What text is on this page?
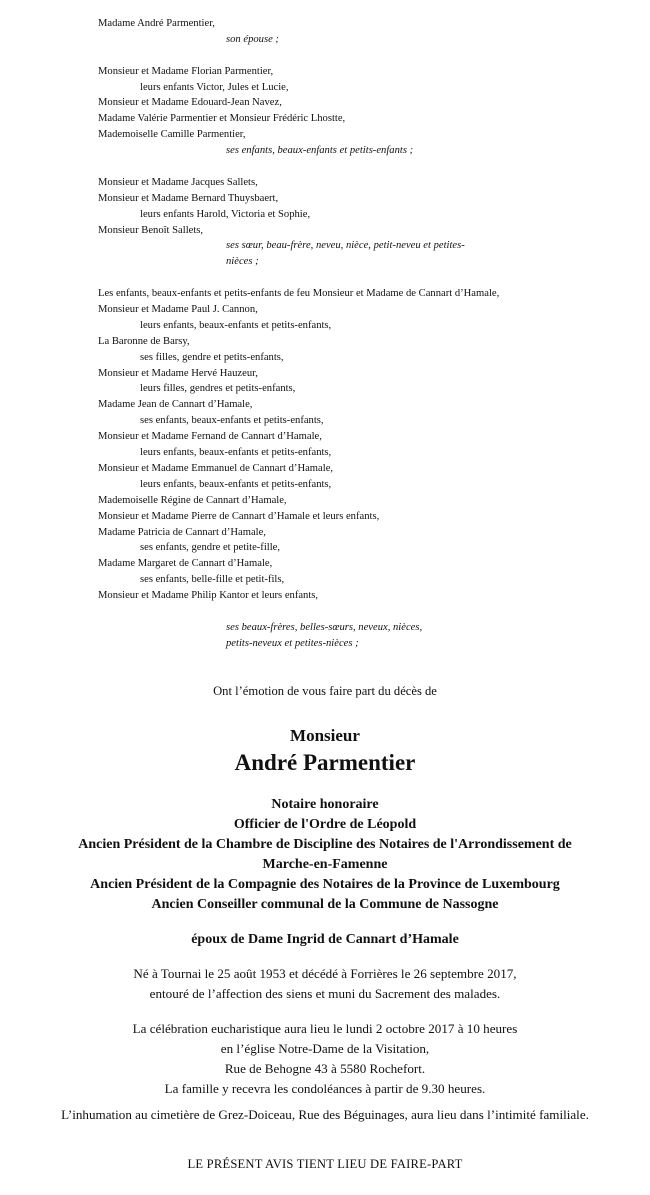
Madame André Parmentier,
son épouse ;
Monsieur et Madame Florian Parmentier,
leurs enfants Victor, Jules et Lucie,
Monsieur et Madame Edouard-Jean Navez,
Madame Valérie Parmentier et Monsieur Frédéric Lhostte,
Mademoiselle Camille Parmentier,
ses enfants, beaux-enfants et petits-enfants ;
Monsieur et Madame Jacques Sallets,
Monsieur et Madame Bernard Thuysbaert,
leurs enfants Harold, Victoria et Sophie,
Monsieur Benoît Sallets,
ses sœur, beau-frère, neveu, nièce, petit-neveu et petites-
nièces ;
Les enfants, beaux-enfants et petits-enfants de feu Monsieur et Madame de Cannart d’Hamale,
Monsieur et Madame Paul J. Cannon,
leurs enfants, beaux-enfants et petits-enfants,
La Baronne de Barsy,
ses filles, gendre et petits-enfants,
Monsieur et Madame Hervé Hauzeur,
leurs filles, gendres et petits-enfants,
Madame Jean de Cannart d’Hamale,
ses enfants, beaux-enfants et petits-enfants,
Monsieur et Madame Fernand de Cannart d’Hamale,
leurs enfants, beaux-enfants et petits-enfants,
Monsieur et Madame Emmanuel de Cannart d’Hamale,
leurs enfants, beaux-enfants et petits-enfants,
Mademoiselle Régine de Cannart d’Hamale,
Monsieur et Madame Pierre de Cannart d’Hamale et leurs enfants,
Madame Patricia de Cannart d’Hamale,
ses enfants, gendre et petite-fille,
Madame Margaret de Cannart d’Hamale,
ses enfants, belle-fille et petit-fils,
Monsieur et Madame Philip Kantor et leurs enfants,
ses beaux-frères, belles-sœurs, neveux, nièces,
petits-neveux et petites-nièces ;
Ont l’émotion de vous faire part du décès de
Monsieur
André Parmentier
Notaire honoraire
Officier de l'Ordre de Léopold
Ancien Président de la Chambre de Discipline des Notaires de l'Arrondissement de
Marche-en-Famenne
Ancien Président de la Compagnie des Notaires de la Province de Luxembourg
Ancien Conseiller communal de la Commune de Nassogne
époux de Dame Ingrid de Cannart d’Hamale
Né à Tournai le 25 août 1953 et décédé à Forrières le 26 septembre 2017,
entouré de l’affection des siens et muni du Sacrement des malades.
La célébration eucharistique aura lieu le lundi 2 octobre 2017 à 10 heures
en l’église Notre-Dame de la Visitation,
Rue de Behogne 43 à 5580 Rochefort.
La famille y recevra les condoléances à partir de 9.30 heures.
L’inhumation au cimetière de Grez-Doiceau, Rue des Béguinages, aura lieu dans l’intimité familiale.
LE PRÉSENT AVIS TIENT LIEU DE FAIRE-PART
